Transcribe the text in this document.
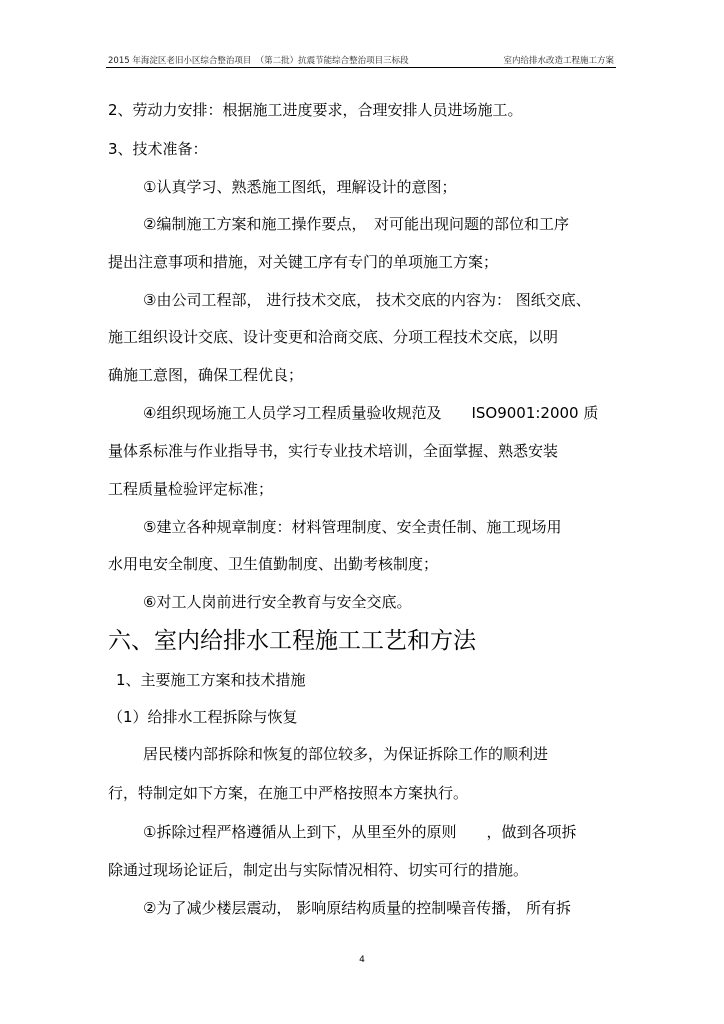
2015 年海淀区老旧小区综合整治项目　（第二批）抗震节能综合整治项目三标段	室内给排水改造工程施工方案
2、劳动力安排：根据施工进度要求，合理安排人员进场施工。
3、技术准备：
①认真学习、熟悉施工图纸，理解设计的意图；
②编制施工方案和施工操作要点，　对可能出现问题的部位和工序
提出注意事项和措施，对关键工序有专门的单项施工方案；
③由公司工程部， 进行技术交底， 技术交底的内容为： 图纸交底、
施工组织设计交底、设计变更和洽商交底、分项工程技术交底，以明
确施工意图，确保工程优良；
④组织现场施工人员学习工程质量验收规范及　　ISO9001:2000 质
量体系标准与作业指导书，实行专业技术培训，全面掌握、熟悉安装
工程质量检验评定标准；
⑤建立各种规章制度：材料管理制度、安全责任制、施工现场用
水用电安全制度、卫生值勤制度、出勤考核制度；
⑥对工人岗前进行安全教育与安全交底。
六、室内给排水工程施工工艺和方法
1、主要施工方案和技术措施
（1）给排水工程拆除与恢复
居民楼内部拆除和恢复的部位较多，为保证拆除工作的顺利进
行，特制定如下方案，在施工中严格按照本方案执行。
①拆除过程严格遵循从上到下，从里至外的原则　　，做到各项拆
除通过现场论证后，制定出与实际情况相符、切实可行的措施。
②为了减少楼层震动， 影响原结构质量的控制噪音传播， 所有拆
4
